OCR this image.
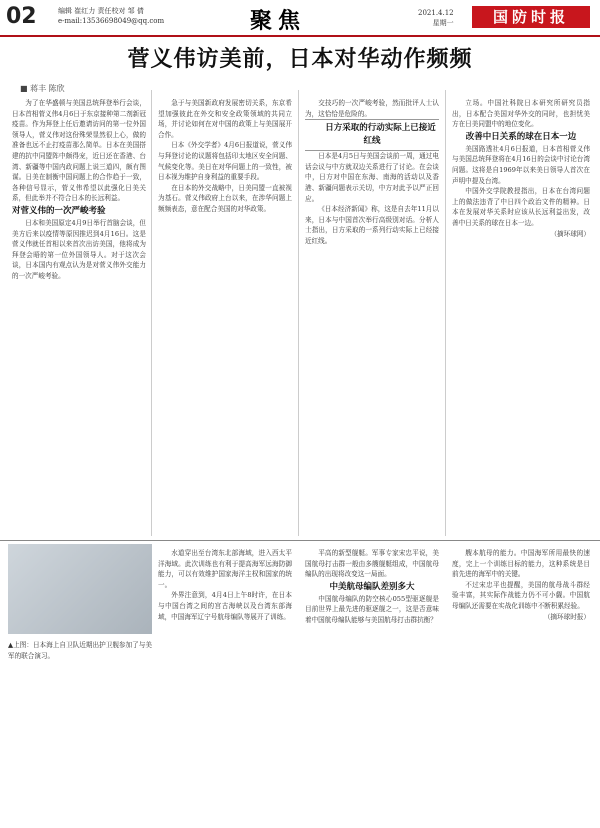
02	编辑 崔红力 责任校对 邹 倩
e-mail:13536698049@qq.com	聚焦	2021.4.12
星期一	国防时报
菅义伟访美前，日本对华动作频频
■ 蒋丰 陈欣

为了在华盛顿与美国总统拜登举行会谈，日本首相菅义伟4月6日于东京接种第二剂新冠疫苗。作为拜登上任后邀请访问的第一位外国领导人，菅义伟对这份殊荣显然很上心，做的准备也远不止打疫苗那么简单。日本在美国搭建的抗中同盟阵中颇得宠，近日还在香港、台湾、新疆等中国内政问题上说三道四，颇有图谋。日美在制衡中国问题上的合作趋于一致，各种信号显示，菅义伟希望以此强化日美关系，但此举并不符合日本的长远利益。

对菅义伟的一次严峻考验

日本和美国原定4月9日举行首脑会谈，但美方后来以疫情等原因推迟到4月16日。这是菅义伟就任首相以来首次出访美国，他将成为拜登会晤的第一位外国领导人。对于这次会谈，日本国内有观点认为是对菅义伟外交能力的一次严峻考验。

急于与美国新政府发展密切关系，东京希望加强彼此在外交和安全政策领域的共同立场，并讨论如何在对中国的政策上与美国展开合作。

日本《外交学者》4月6日报道说，菅义伟与拜登讨论的议题将包括印太地区安全问题、气候变化等。美日在对华问题上的一致性，被日本视为维护自身利益的重要手段。

在日本的外交战略中，日美同盟一直被视为基石。菅义伟政府上台以来，在涉华问题上频频表态，意在配合美国的对华政策。

交技巧的一次严峻考验，然而批评人士认为，这恰恰是危险的。

日方采取的行动实际上已接近红线

日本是4月5日与美国会谈前一周，通过电话会议与中方就双边关系进行了讨论。在会谈中，日方对中国在东海、南海的活动以及香港、新疆问题表示关切，中方对此予以严正回应。

《日本经济新闻》称，这是自去年11月以来，日本与中国首次举行高级别对话。分析人士指出，日方采取的一系列行动实际上已经接近红线。

立场。中国社科院日本研究所研究员指出，日本配合美国对华外交的同时，也担忧美方在日美同盟中的地位变化。

改善中日关系的球在日本一边

美国路透社4月6日报道，日本首相菅义伟与美国总统拜登将在4月16日的会谈中讨论台湾问题。这将是自1969年以来美日领导人首次在声明中提及台湾。

中国外交学院教授指出，日本在台湾问题上的做法违背了中日四个政治文件的精神。日本在发展对华关系时应该从长远利益出发，改善中日关系的球在日本一边。

（摘环球网）

▲上图：日本海上自卫队近期出护卫舰参加了与美军的联合演习。

水道穿出至台湾东北部海域，进入西太平洋海域。此次训练也有利于提高海军远海防御能力，可以有效维护国家海洋主权和国家的统一。

外界注意到，4月4日上午8时许，在日本与中国台湾之间的宫古海峡以及台湾东部海域，中国海军辽宁号航母编队等展开了训练。

平高的新型舰艇。军事专家宋忠平说，美国航母打击群一般由多艘舰艇组成，中国航母编队的出现将改变这一局面。

中美航母编队差别多大

中国航母编队的防空核心055型驱逐舰是目前世界上最先进的驱逐舰之一，这是否意味着中国航母编队能够与美国航母打击群抗衡？

艘本航母的能力。中国海军所用最快的速度，完上一个训练目标的能力，这种系统是目前先进的海军中的关键。

不过宋忠平也提醒，美国的航母战斗群经验丰富，其实际作战能力仍不可小觑。中国航母编队还需要在实战化训练中不断积累经验。

（摘环球时报）
